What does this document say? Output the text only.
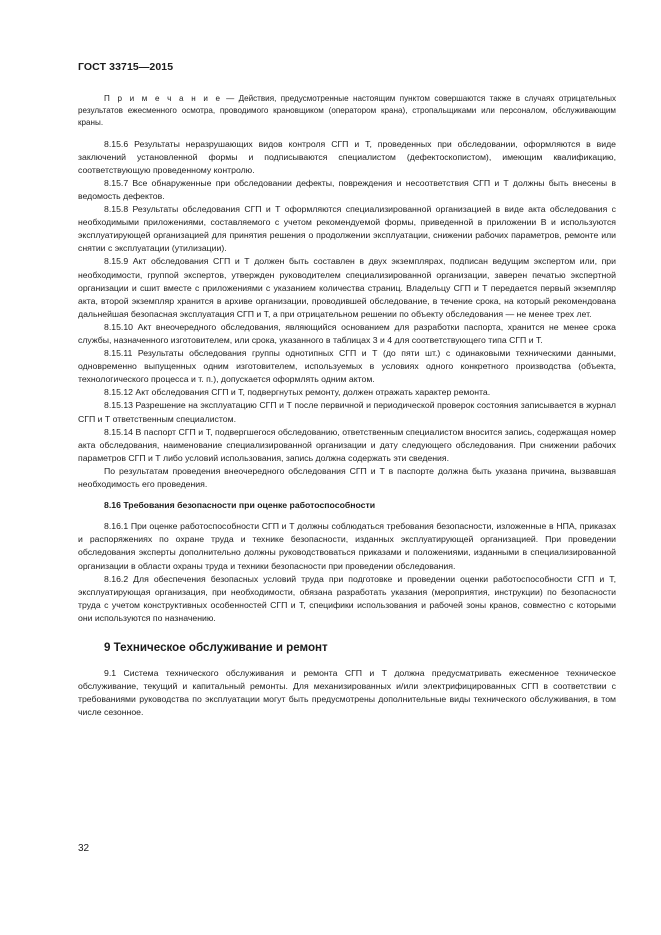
ГОСТ 33715—2015

П р и м е ч а н и е — Действия, предусмотренные настоящим пунктом совершаются также в случаях отрицательных результатов ежесменного осмотра, проводимого крановщиком (оператором крана), стропальщиками или персоналом, обслуживающим краны.

8.15.6 Результаты неразрушающих видов контроля СГП и Т, проведенных при обследовании, оформляются в виде заключений установленной формы и подписываются специалистом (дефектоскопистом), имеющим квалификацию, соответствующую проведенному контролю.

8.15.7 Все обнаруженные при обследовании дефекты, повреждения и несоответствия СГП и Т должны быть внесены в ведомость дефектов.

8.15.8 Результаты обследования СГП и Т оформляются специализированной организацией в виде акта обследования с необходимыми приложениями, составляемого с учетом рекомендуемой формы, приведенной в приложении В и используются эксплуатирующей организацией для принятия решения о продолжении эксплуатации, снижении рабочих параметров, ремонте или снятии с эксплуатации (утилизации).

8.15.9 Акт обследования СГП и Т должен быть составлен в двух экземплярах, подписан ведущим экспертом или, при необходимости, группой экспертов, утвержден руководителем специализированной организации, заверен печатью экспертной организации и сшит вместе с приложениями с указанием количества страниц. Владельцу СГП и Т передается первый экземпляр акта, второй экземпляр хранится в архиве организации, проводившей обследование, в течение срока, на который рекомендована дальнейшая безопасная эксплуатация СГП и Т, а при отрицательном решении по объекту обследования — не менее трех лет.

8.15.10 Акт внеочередного обследования, являющийся основанием для разработки паспорта, хранится не менее срока службы, назначенного изготовителем, или срока, указанного в таблицах 3 и 4 для соответствующего типа СГП и Т.

8.15.11 Результаты обследования группы однотипных СГП и Т (до пяти шт.) с одинаковыми техническими данными, одновременно выпущенных одним изготовителем, используемых в условиях одного конкретного производства (объекта, технологического процесса и т. п.), допускается оформлять одним актом.

8.15.12 Акт обследования СГП и Т, подвергнутых ремонту, должен отражать характер ремонта.

8.15.13 Разрешение на эксплуатацию СГП и Т после первичной и периодической проверок состояния записывается в журнал СГП и Т ответственным специалистом.

8.15.14 В паспорт СГП и Т, подвергшегося обследованию, ответственным специалистом вносится запись, содержащая номер акта обследования, наименование специализированной организации и дату следующего обследования. При снижении рабочих параметров СГП и Т либо условий использования, запись должна содержать эти сведения.

По результатам проведения внеочередного обследования СГП и Т в паспорте должна быть указана причина, вызвавшая необходимость его проведения.

8.16 Требования безопасности при оценке работоспособности

8.16.1 При оценке работоспособности СГП и Т должны соблюдаться требования безопасности, изложенные в НПА, приказах и распоряжениях по охране труда и технике безопасности, изданных эксплуатирующей организацией. При проведении обследования эксперты дополнительно должны руководствоваться приказами и положениями, изданными в специализированной организации в области охраны труда и техники безопасности при проведении обследования.

8.16.2 Для обеспечения безопасных условий труда при подготовке и проведении оценки работоспособности СГП и Т, эксплуатирующая организация, при необходимости, обязана разработать указания (мероприятия, инструкции) по безопасности труда с учетом конструктивных особенностей СГП и Т, специфики использования и рабочей зоны кранов, совместно с которыми они используются по назначению.

9 Техническое обслуживание и ремонт

9.1 Система технического обслуживания и ремонта СГП и Т должна предусматривать ежесменное техническое обслуживание, текущий и капитальный ремонты. Для механизированных и/или электрифицированных СГП в соответствии с требованиями руководства по эксплуатации могут быть предусмотрены дополнительные виды технического обслуживания, в том числе сезонное.

32
